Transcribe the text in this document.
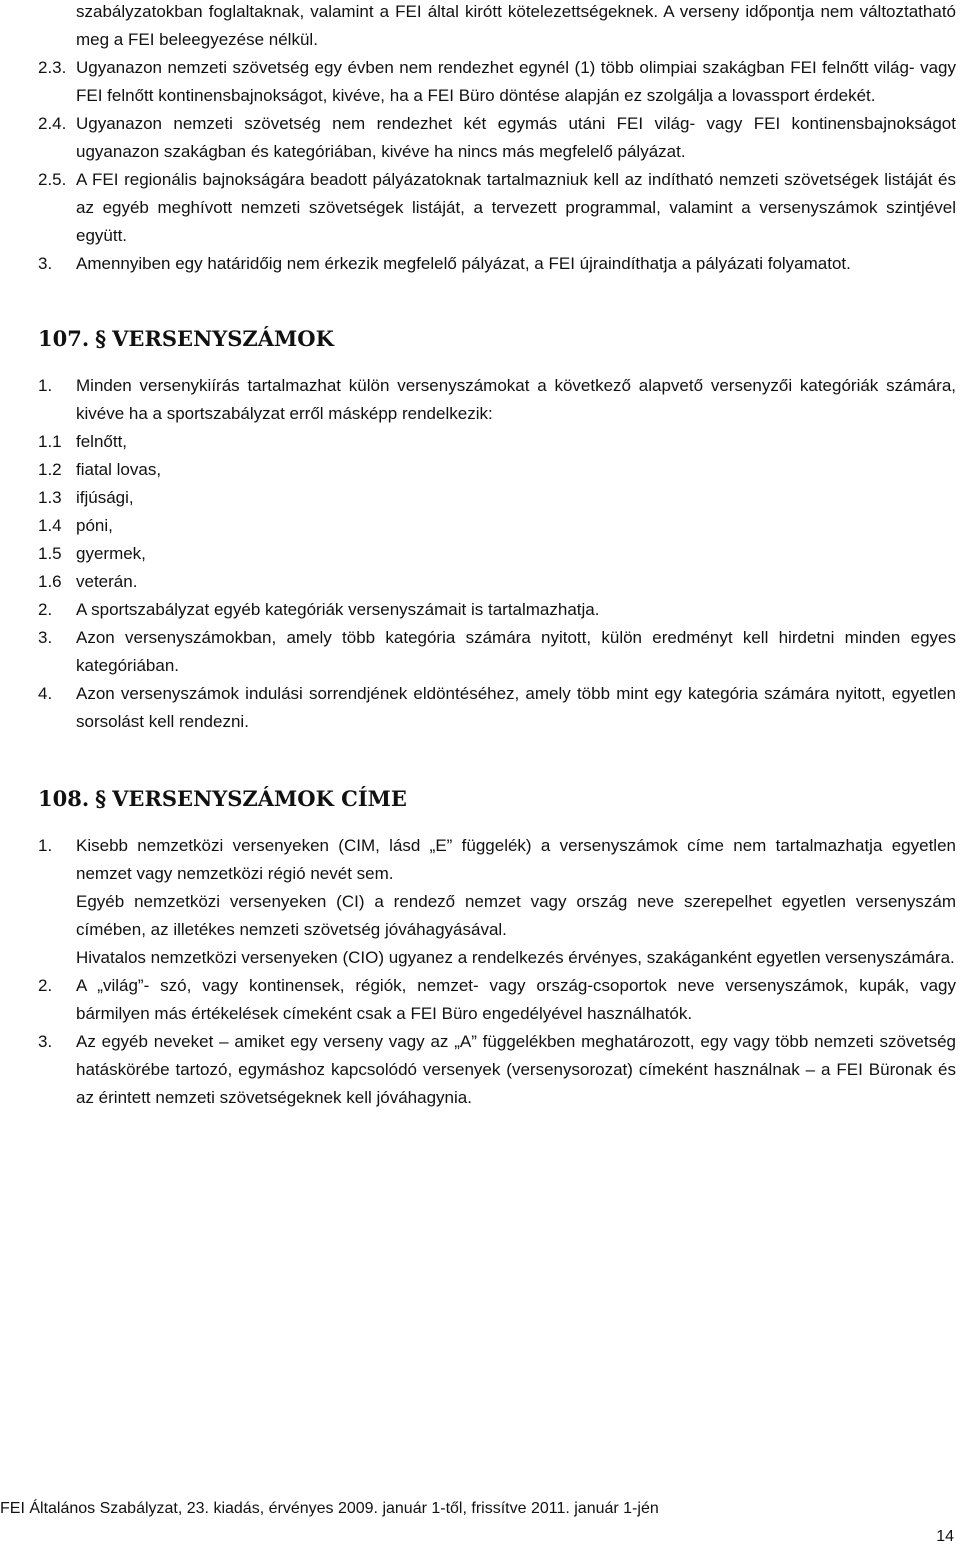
szabályzatokban foglaltaknak, valamint a FEI által kirótt kötelezettségeknek. A verseny időpontja nem változtatható meg a FEI beleegyezése nélkül.
2.3. Ugyanazon nemzeti szövetség egy évben nem rendezhet egynél (1) több olimpiai szakágban FEI felnőtt világ- vagy FEI felnőtt kontinensbajnokságot, kivéve, ha a FEI Büro döntése alapján ez szolgálja a lovassport érdekét.
2.4. Ugyanazon nemzeti szövetség nem rendezhet két egymás utáni FEI világ- vagy FEI kontinensbajnokságot ugyanazon szakágban és kategóriában, kivéve ha nincs más megfelelő pályázat.
2.5. A FEI regionális bajnokságára beadott pályázatoknak tartalmazniuk kell az indítható nemzeti szövetségek listáját és az egyéb meghívott nemzeti szövetségek listáját, a tervezett programmal, valamint a versenyszámok szintjével együtt.
3.	Amennyiben egy határidőig nem érkezik megfelelő pályázat, a FEI újraindíthatja a pályázati folyamatot.
107. § VERSENYSZÁMOK
1.	Minden versenykiírás tartalmazhat külön versenyszámokat a következő alapvető versenyzői kategóriák számára, kivéve ha a sportszabályzat erről másképp rendelkezik:
1.1 felnőtt,
1.2 fiatal lovas,
1.3 ifjúsági,
1.4 póni,
1.5 gyermek,
1.6 veterán.
2.	A sportszabályzat egyéb kategóriák versenyszámait is tartalmazhatja.
3.	Azon versenyszámokban, amely több kategória számára nyitott, külön eredményt kell hirdetni minden egyes kategóriában.
4.	Azon versenyszámok indulási sorrendjének eldöntéséhez, amely több mint egy kategória számára nyitott, egyetlen sorsolást kell rendezni.
108. § VERSENYSZÁMOK CÍME
1.	Kisebb nemzetközi versenyeken (CIM, lásd „E” függelék) a versenyszámok címe nem tartalmazhatja egyetlen nemzet vagy nemzetközi régió nevét sem.
Egyéb nemzetközi versenyeken (CI) a rendező nemzet vagy ország neve szerepelhet egyetlen versenyszám címében, az illetékes nemzeti szövetség jóváhagyásával.
Hivatalos nemzetközi versenyeken (CIO) ugyanez a rendelkezés érvényes, szakáganként egyetlen versenyszámára.
2.	A „világ”- szó, vagy kontinensek, régiók, nemzet- vagy ország-csoportok neve versenyszámok, kupák, vagy bármilyen más értékelések címeként csak a FEI Büro engedélyével használhatók.
3.	Az egyéb neveket – amiket egy verseny vagy az „A” függelékben meghatározott, egy vagy több nemzeti szövetség hatáskörébe tartozó, egymáshoz kapcsolódó versenyek (versenysorozat) címeként használnak – a FEI Büronak és az érintett nemzeti szövetségeknek kell jóváhagynia.
FEI Általános Szabályzat, 23. kiadás, érvényes 2009. január 1-től, frissítve 2011. január 1-jén
14
